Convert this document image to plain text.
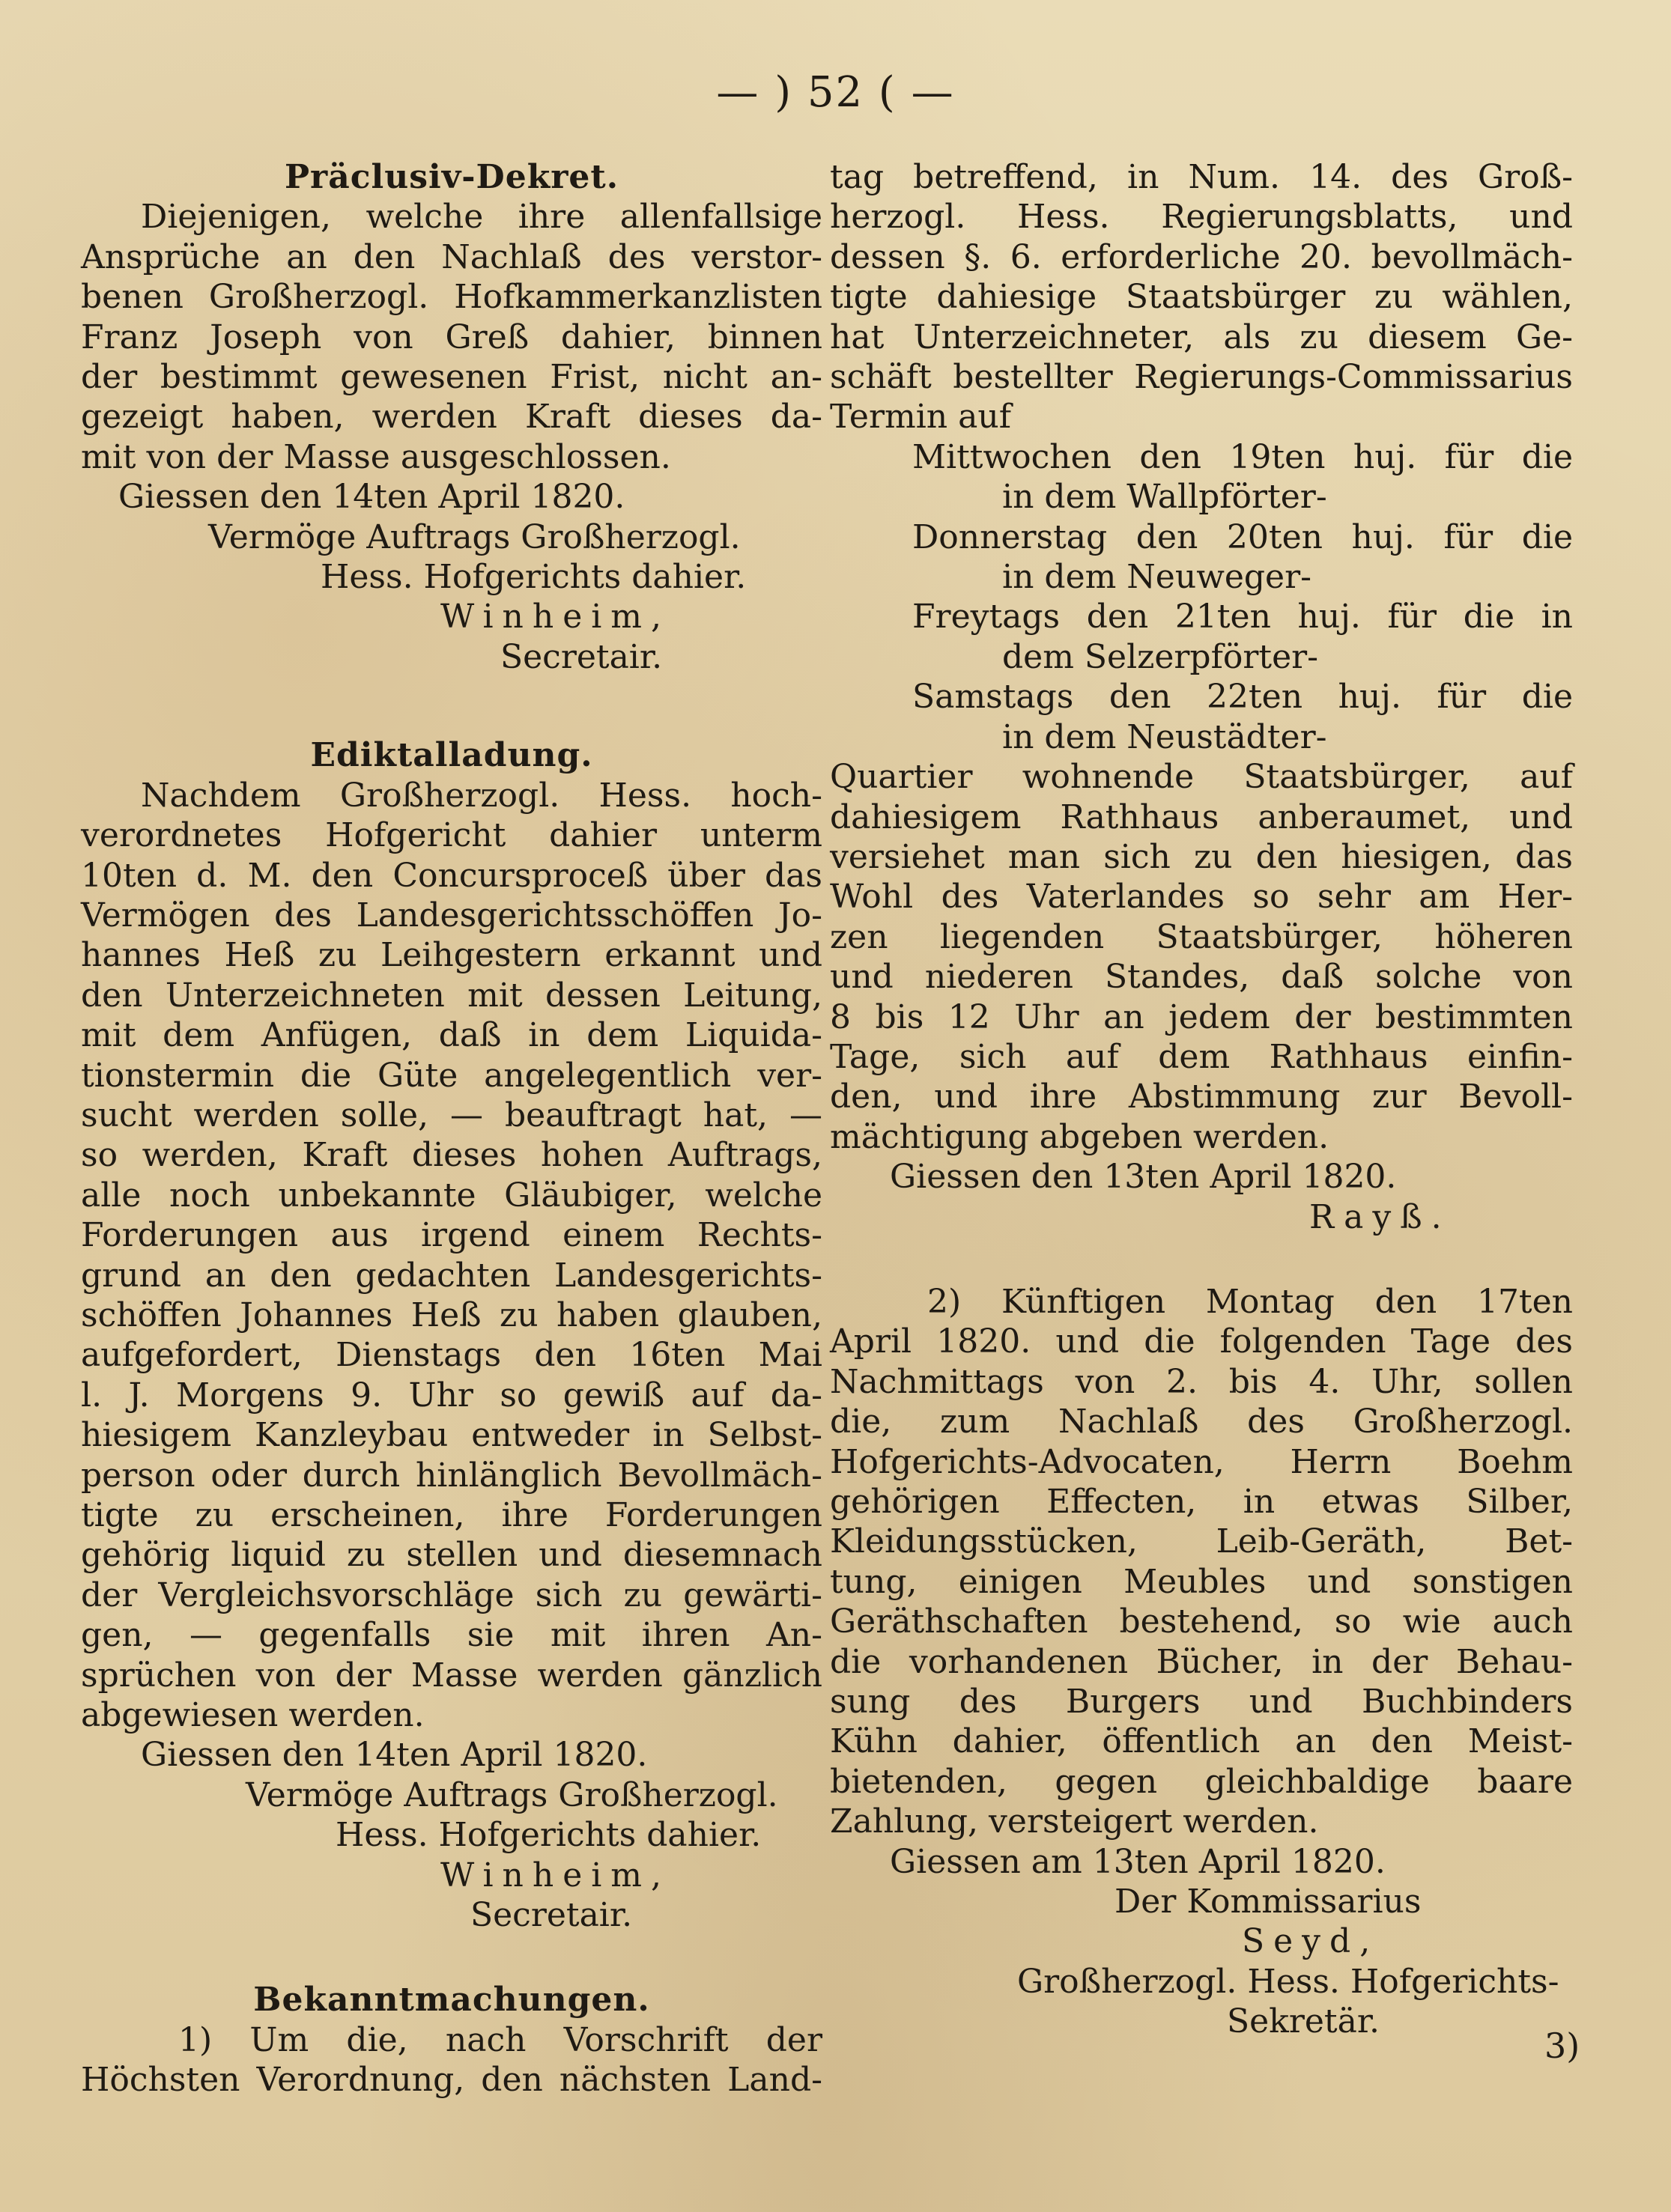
— ) 52 ( —

Präclusiv-Dekret.

Diejenigen, welche ihre allenfallsige

Ansprüche an den Nachlaß des verstor-

benen Großherzogl. Hofkammerkanzlisten

Franz Joseph von Greß dahier, binnen

der bestimmt gewesenen Frist, nicht an-

gezeigt haben, werden Kraft dieses da-

mit von der Masse ausgeschlossen.

Giessen den 14ten April 1820.

Vermöge Auftrags Großherzogl.

Hess. Hofgerichts dahier.

Winheim,

Secretair.

Ediktalladung.

Nachdem Großherzogl. Hess. hoch-

verordnetes Hofgericht dahier unterm

10ten d. M. den Concursproceß über das

Vermögen des Landesgerichtsschöffen Jo-

hannes Heß zu Leihgestern erkannt und

den Unterzeichneten mit dessen Leitung,

mit dem Anfügen, daß in dem Liquida-

tionstermin die Güte angelegentlich ver-

sucht werden solle, — beauftragt hat, —

so werden, Kraft dieses hohen Auftrags,

alle noch unbekannte Gläubiger, welche

Forderungen aus irgend einem Rechts-

grund an den gedachten Landesgerichts-

schöffen Johannes Heß zu haben glauben,

aufgefordert, Dienstags den 16ten Mai

l. J. Morgens 9. Uhr so gewiß auf da-

hiesigem Kanzleybau entweder in Selbst-

person oder durch hinlänglich Bevollmäch-

tigte zu erscheinen, ihre Forderungen

gehörig liquid zu stellen und diesemnach

der Vergleichsvorschläge sich zu gewärti-

gen, — gegenfalls sie mit ihren An-

sprüchen von der Masse werden gänzlich

abgewiesen werden.

Giessen den 14ten April 1820.

Vermöge Auftrags Großherzogl.

Hess. Hofgerichts dahier.

Winheim,

Secretair.

Bekanntmachungen.

1) Um die, nach Vorschrift der

Höchsten Verordnung, den nächsten Land-

tag betreffend, in Num. 14. des Groß-

herzogl. Hess. Regierungsblatts, und

dessen §. 6. erforderliche 20. bevollmäch-

tigte dahiesige Staatsbürger zu wählen,

hat Unterzeichneter, als zu diesem Ge-

schäft bestellter Regierungs-Commissarius

Termin auf

Mittwochen den 19ten huj. für die

in dem Wallpförter-

Donnerstag den 20ten huj. für die

in dem Neuweger-

Freytags den 21ten huj. für die in

dem Selzerpförter-

Samstags den 22ten huj. für die

in dem Neustädter-

Quartier wohnende Staatsbürger, auf

dahiesigem Rathhaus anberaumet, und

versiehet man sich zu den hiesigen, das

Wohl des Vaterlandes so sehr am Her-

zen liegenden Staatsbürger, höheren

und niederen Standes, daß solche von

8 bis 12 Uhr an jedem der bestimmten

Tage, sich auf dem Rathhaus einfin-

den, und ihre Abstimmung zur Bevoll-

mächtigung abgeben werden.

Giessen den 13ten April 1820.

Rayß.

2) Künftigen Montag den 17ten

April 1820. und die folgenden Tage des

Nachmittags von 2. bis 4. Uhr, sollen

die, zum Nachlaß des Großherzogl.

Hofgerichts-Advocaten, Herrn Boehm

gehörigen Effecten, in etwas Silber,

Kleidungsstücken, Leib-Geräth, Bet-

tung, einigen Meubles und sonstigen

Geräthschaften bestehend, so wie auch

die vorhandenen Bücher, in der Behau-

sung des Burgers und Buchbinders

Kühn dahier, öffentlich an den Meist-

bietenden, gegen gleichbaldige baare

Zahlung, versteigert werden.

Giessen am 13ten April 1820.

Der Kommissarius

Seyd,

Großherzogl. Hess. Hofgerichts-

Sekretär.

3)
